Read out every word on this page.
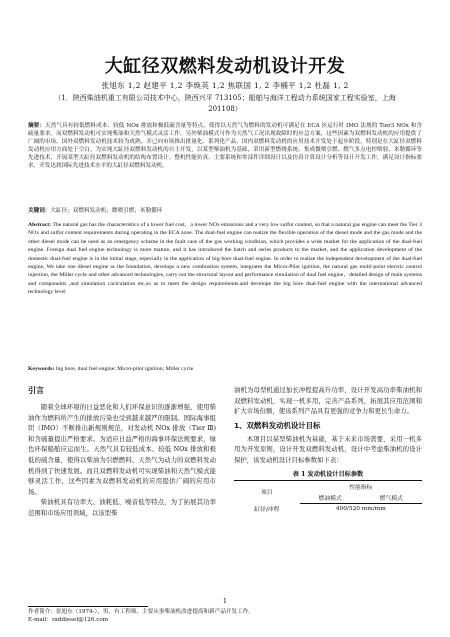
大缸径双燃料发动机设计开发
张旭东 1,2 赵建平 1,2 李焕英 1,2 焦联国 1, 2 李楠平 1,2 杜磊 1, 2
（1．陕西柴油机重工有限公司技术中心，陕西兴平 713105；船舶与海洋工程动力系统国家工程实验室，上海201108）
摘要：天然气具有较低燃料成本、较低 NOx 排放和极低硫含量等特点，使得以天然气为燃料的发动机可满足在 ECA 区运行时 IMO 法规的 Tier3 NOx 和含硫量要求。而双燃料发动机可实现柴油和天然气模式灵活工作，另外柴油模式可作为天然气工况出现故障时的应急方案，这些因素为双燃料发动机的应用提供了广阔的市场。国外双燃料发动机技术较为成熟，并已向市场推出批量化、系列化产品，国内双燃料发动机的应用技术开发处于起步阶段，特别是在大缸径双燃料发动机应用方面处于空白。为实现大缸径双燃料发动机的自主开发，以某型柴油机为基础，采用新型燃烧系统、集成微喷引燃、燃气多点电控喷射、米勒循环等先进技术，开展某型大缸径双燃料发动机的结构布置设计、整机性能仿真、主要系统和零部件详细设计以及仿真计算设计分析等设计开发工作，满足设计指标要求，开发达到国际先进技术水平的大缸径双燃料发动机。
关键词：大缸径；双燃料发动机；微喷引燃；米勒循环
Abstract: The natural gas has the characteristics of a lower fuel cost，a lower NOx emissions and a very low sulfur content, so that a natural gas engine can meet the Tier 3 NOx and sulfur content requirements during operating in the ECA zone. The dual-fuel engine can realize the flexible operation of the diesel mode and the gas mode and the other diesel mode can be used as an emergency scheme in the fault case of the gas working condition, which provides a wide market for the application of the dual-fuel engine. Foreign dual fuel engine technology is more mature, and it has introduced the batch and series products to the market, and the application development of the domestic dual-fuel engine is in the initial stage, especially in the application of big-bore dual-fuel engine. In order to realize the independent development of the dual-fuel engine, We take one diesel engine as the foundation, develops a new combustion system, integrates the Micro-Pilot ignition, the natural gas multi-point electric control injection, the Miller cycle and other advanced technologies, carry out the structural layout and performance simulation of dual fuel engine，detailed design of main systems and components ,and simulation caclculation etc,so as to meet the design requirements.and develope the big bore dual-fuel engine with the international advanced technology level
Keywords: big bore, dual fuel engine; Micro-pilot ignition; Miller cycle
引言

随着全球环境的日益恶化和人们环保意识的逐渐增强，使用柴油作为燃料所产生的排放污染也受到越来越严的限制。国际海事组织（IMO）不断推出新规则规范，对发动机 NOx 排放（Tier Ⅲ)和含硫量提出严格要求。为适应日益严格的海事环保法规要求，绿色环保船舶应运而生。天然气具有较低成本、较低 NOx 排放和极低的硫含量，使得以柴油为引燃燃料、天然气为动力的双燃料发动机得到了快速发展。而且双燃料发动机可实现柴油和天然气模式能够灵活工作，这些因素为双燃料发动机的应用提供广阔的应用市场。

柴油机具有功率大、油耗低、噪音低等特点，为了拓展其功率范围和市场应用领域，以该型柴

油机为母型机通过加长冲程提高升功率，设计开发高功率柴油机和双燃料发动机，实现一机多用，完善产品系列，拓展其应用范围和扩大市场份额，使该系列产品具有更强的竞争力和更长生命力。

1、双燃料发动机设计目标

本项目以某型柴油机为基础，基于未来市场需要，采用一机多用为开发原则，设计开发双燃料发动机，设计中考虑柴油机的设计保护，该发动机设计目标参数如下表：

表 1 发动机设计目标参数
项目	性能指标	
	燃油模式	燃气模式
缸径/冲程	400/520 mm/mm	
1
作者简介：张旭东（1974-），男，有工程师，主要从事柴油机改进提高和新产品开发工作。
E-mail：sxddiesel@126.com
